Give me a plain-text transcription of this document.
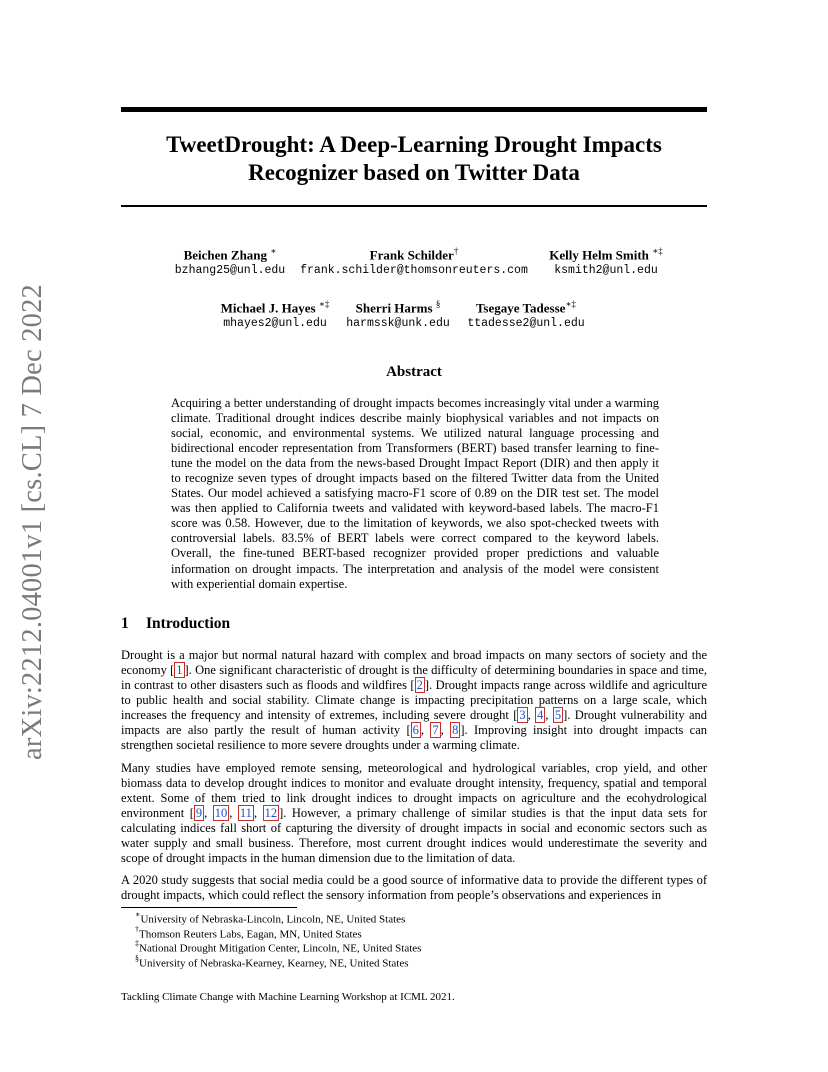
arXiv:2212.04001v1 [cs.CL] 7 Dec 2022
TweetDrought: A Deep-Learning Drought Impacts
Recognizer based on Twitter Data
Beichen Zhang ∗
bzhang25@unl.edu
Frank Schilder†
frank.schilder@thomsonreuters.com
Kelly Helm Smith ∗‡
ksmith2@unl.edu
Michael J. Hayes ∗‡
mhayes2@unl.edu
Sherri Harms §
harmssk@unk.edu
Tsegaye Tadesse∗‡
ttadesse2@unl.edu
Abstract
Acquiring a better understanding of drought impacts becomes increasingly vital under a warming climate. Traditional drought indices describe mainly biophysical variables and not impacts on social, economic, and environmental systems. We utilized natural language processing and bidirectional encoder representation from Transformers (BERT) based transfer learning to fine-tune the model on the data from the news-based Drought Impact Report (DIR) and then apply it to recognize seven types of drought impacts based on the filtered Twitter data from the United States. Our model achieved a satisfying macro-F1 score of 0.89 on the DIR test set. The model was then applied to California tweets and validated with keyword-based labels. The macro-F1 score was 0.58. However, due to the limitation of keywords, we also spot-checked tweets with controversial labels. 83.5% of BERT labels were correct compared to the keyword labels. Overall, the fine-tuned BERT-based recognizer provided proper predictions and valuable information on drought impacts. The interpretation and analysis of the model were consistent with experiential domain expertise.
1 Introduction
Drought is a major but normal natural hazard with complex and broad impacts on many sectors of society and the economy [ 1 ]. One significant characteristic of drought is the difficulty of determining boundaries in space and time, in contrast to other disasters such as floods and wildfires [ 2 ]. Drought impacts range across wildlife and agriculture to public health and social stability. Climate change is impacting precipitation patterns on a large scale, which increases the frequency and intensity of extremes, including severe drought [ 3 , 4 , 5 ]. Drought vulnerability and impacts are also partly the result of human activity [ 6 , 7 , 8 ]. Improving insight into drought impacts can strengthen societal resilience to more severe droughts under a warming climate.
Many studies have employed remote sensing, meteorological and hydrological variables, crop yield, and other biomass data to develop drought indices to monitor and evaluate drought intensity, frequency, spatial and temporal extent. Some of them tried to link drought indices to drought impacts on agriculture and the ecohydrological environment [ 9 , 10 , 11 , 12 ]. However, a primary challenge of similar studies is that the input data sets for calculating indices fall short of capturing the diversity of drought impacts in social and economic sectors such as water supply and small business. Therefore, most current drought indices would underestimate the severity and scope of drought impacts in the human dimension due to the limitation of data.
A 2020 study suggests that social media could be a good source of informative data to provide the different types of drought impacts, which could reflect the sensory information from people’s observations and experiences in
∗University of Nebraska-Lincoln, Lincoln, NE, United States
†Thomson Reuters Labs, Eagan, MN, United States
‡National Drought Mitigation Center, Lincoln, NE, United States
§University of Nebraska-Kearney, Kearney, NE, United States
Tackling Climate Change with Machine Learning Workshop at ICML 2021.
